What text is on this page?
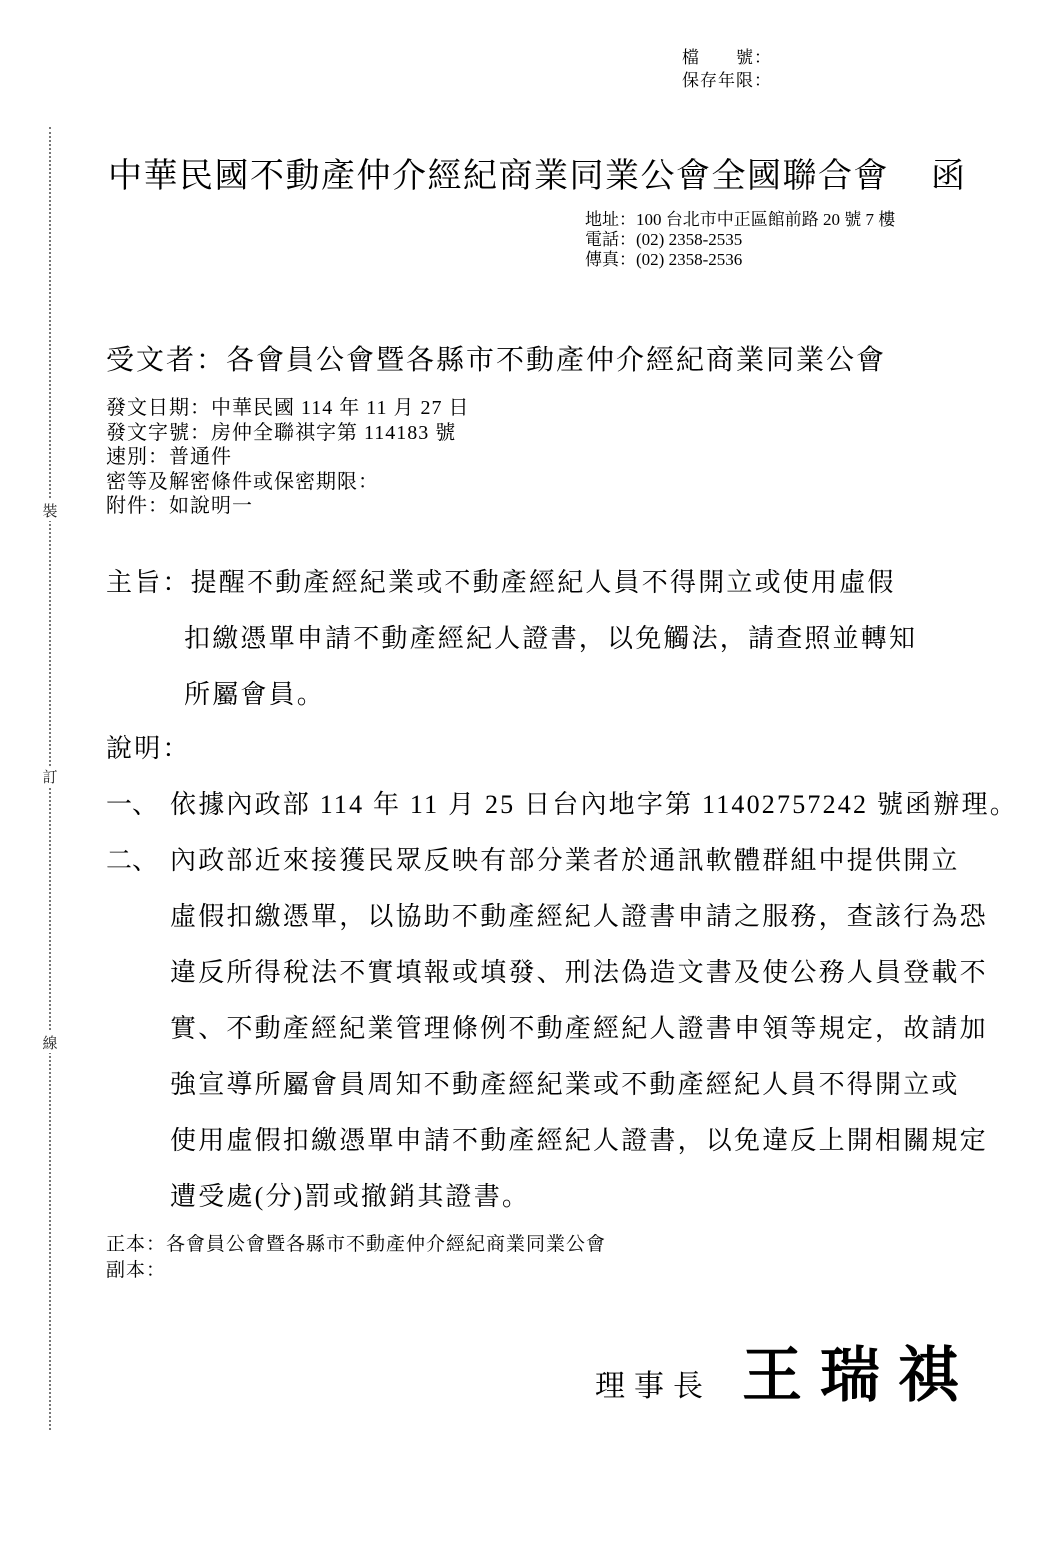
裝
訂
線
檔　　號：
保存年限：
中華民國不動產仲介經紀商業同業公會全國聯合會 函
地址：100 台北市中正區館前路 20 號 7 樓
電話：(02) 2358-2535
傳真：(02) 2358-2536
受文者：各會員公會暨各縣市不動產仲介經紀商業同業公會
發文日期：中華民國 114 年 11 月 27 日
發文字號：房仲全聯祺字第 114183 號
速別：普通件
密等及解密條件或保密期限：
附件：如說明一
主旨：提醒不動產經紀業或不動產經紀人員不得開立或使用虛假
扣繳憑單申請不動產經紀人證書，以免觸法，請查照並轉知
所屬會員。
說明：
一、 依據內政部 114 年 11 月 25 日台內地字第 11402757242 號函辦理。
二、 內政部近來接獲民眾反映有部分業者於通訊軟體群組中提供開立
虛假扣繳憑單，以協助不動產經紀人證書申請之服務，查該行為恐
違反所得稅法不實填報或填發、刑法偽造文書及使公務人員登載不
實、不動產經紀業管理條例不動產經紀人證書申領等規定，故請加
強宣導所屬會員周知不動產經紀業或不動產經紀人員不得開立或
使用虛假扣繳憑單申請不動產經紀人證書，以免違反上開相關規定
遭受處(分)罰或撤銷其證書。
正本：各會員公會暨各縣市不動產仲介經紀商業同業公會
副本：
理事長 王瑞祺
